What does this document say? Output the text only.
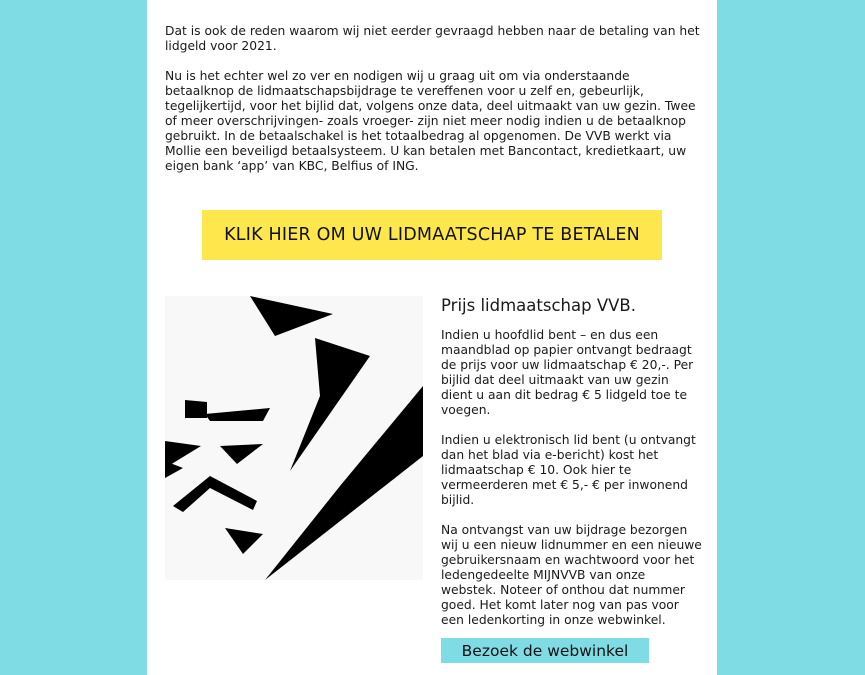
Dat is ook de reden waarom wij niet eerder gevraagd hebben naar de betaling van het lidgeld voor 2021.

Nu is het echter wel zo ver en nodigen wij u graag uit om via onderstaande betaalknop de lidmaatschapsbijdrage te vereffenen voor u zelf en, gebeurlijk, tegelijkertijd, voor het bijlid dat, volgens onze data, deel uitmaakt van uw gezin. Twee of meer overschrijvingen- zoals vroeger- zijn niet meer nodig indien u de betaalknop gebruikt. In de betaalschakel is het totaalbedrag al opgenomen. De VVB werkt via Mollie een beveiligd betaalsysteem. U kan betalen met Bancontact, kredietkaart, uw eigen bank ‘app’ van KBC, Belfius of ING.

KLIK HIER OM UW LIDMAATSCHAP TE BETALEN
Prijs lidmaatschap VVB.

Indien u hoofdlid bent – en dus een maandblad op papier ontvangt bedraagt de prijs voor uw lidmaatschap € 20,-. Per bijlid dat deel uitmaakt van uw gezin dient u aan dit bedrag € 5 lidgeld toe te voegen.

Indien u elektronisch lid bent (u ontvangt dan het blad via e-bericht) kost het lidmaatschap € 10. Ook hier te vermeerderen met € 5,- € per inwonend bijlid.

Na ontvangst van uw bijdrage bezorgen wij u een nieuw lidnummer en een nieuwe gebruikersnaam en wachtwoord voor het ledengedeelte MIJNVVB van onze webstek. Noteer of onthou dat nummer goed. Het komt later nog van pas voor een ledenkorting in onze webwinkel.

Bezoek de webwinkel
